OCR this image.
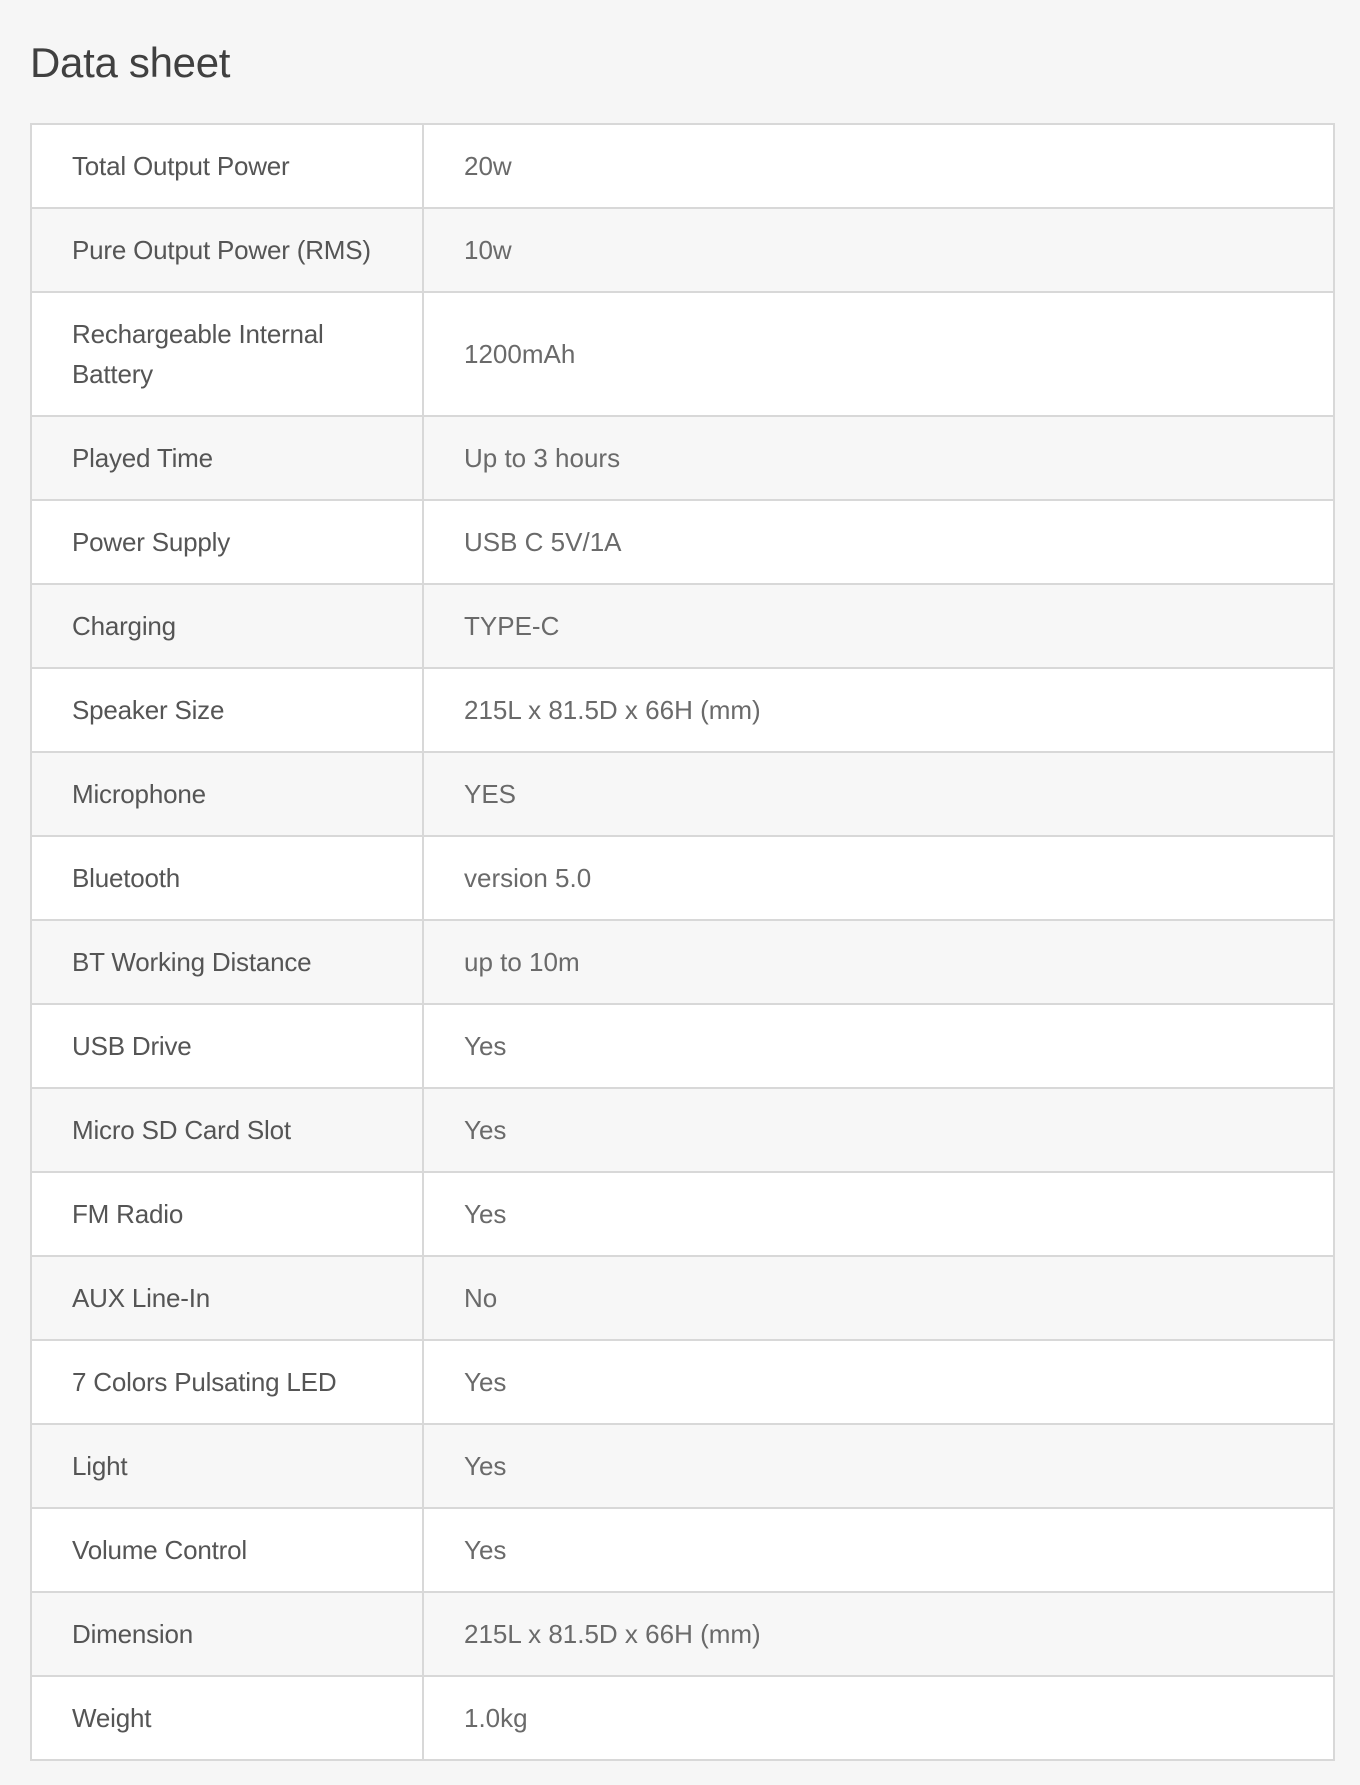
Data sheet
Total Output Power	20w
Pure Output Power (RMS)	10w
Rechargeable Internal Battery	1200mAh
Played Time	Up to 3 hours
Power Supply	USB C 5V/1A
Charging	TYPE-C
Speaker Size	215L x 81.5D x 66H (mm)
Microphone	YES
Bluetooth	version 5.0
BT Working Distance	up to 10m
USB Drive	Yes
Micro SD Card Slot	Yes
FM Radio	Yes
AUX Line-In	No
7 Colors Pulsating LED	Yes
Light	Yes
Volume Control	Yes
Dimension	215L x 81.5D x 66H (mm)
Weight	1.0kg
